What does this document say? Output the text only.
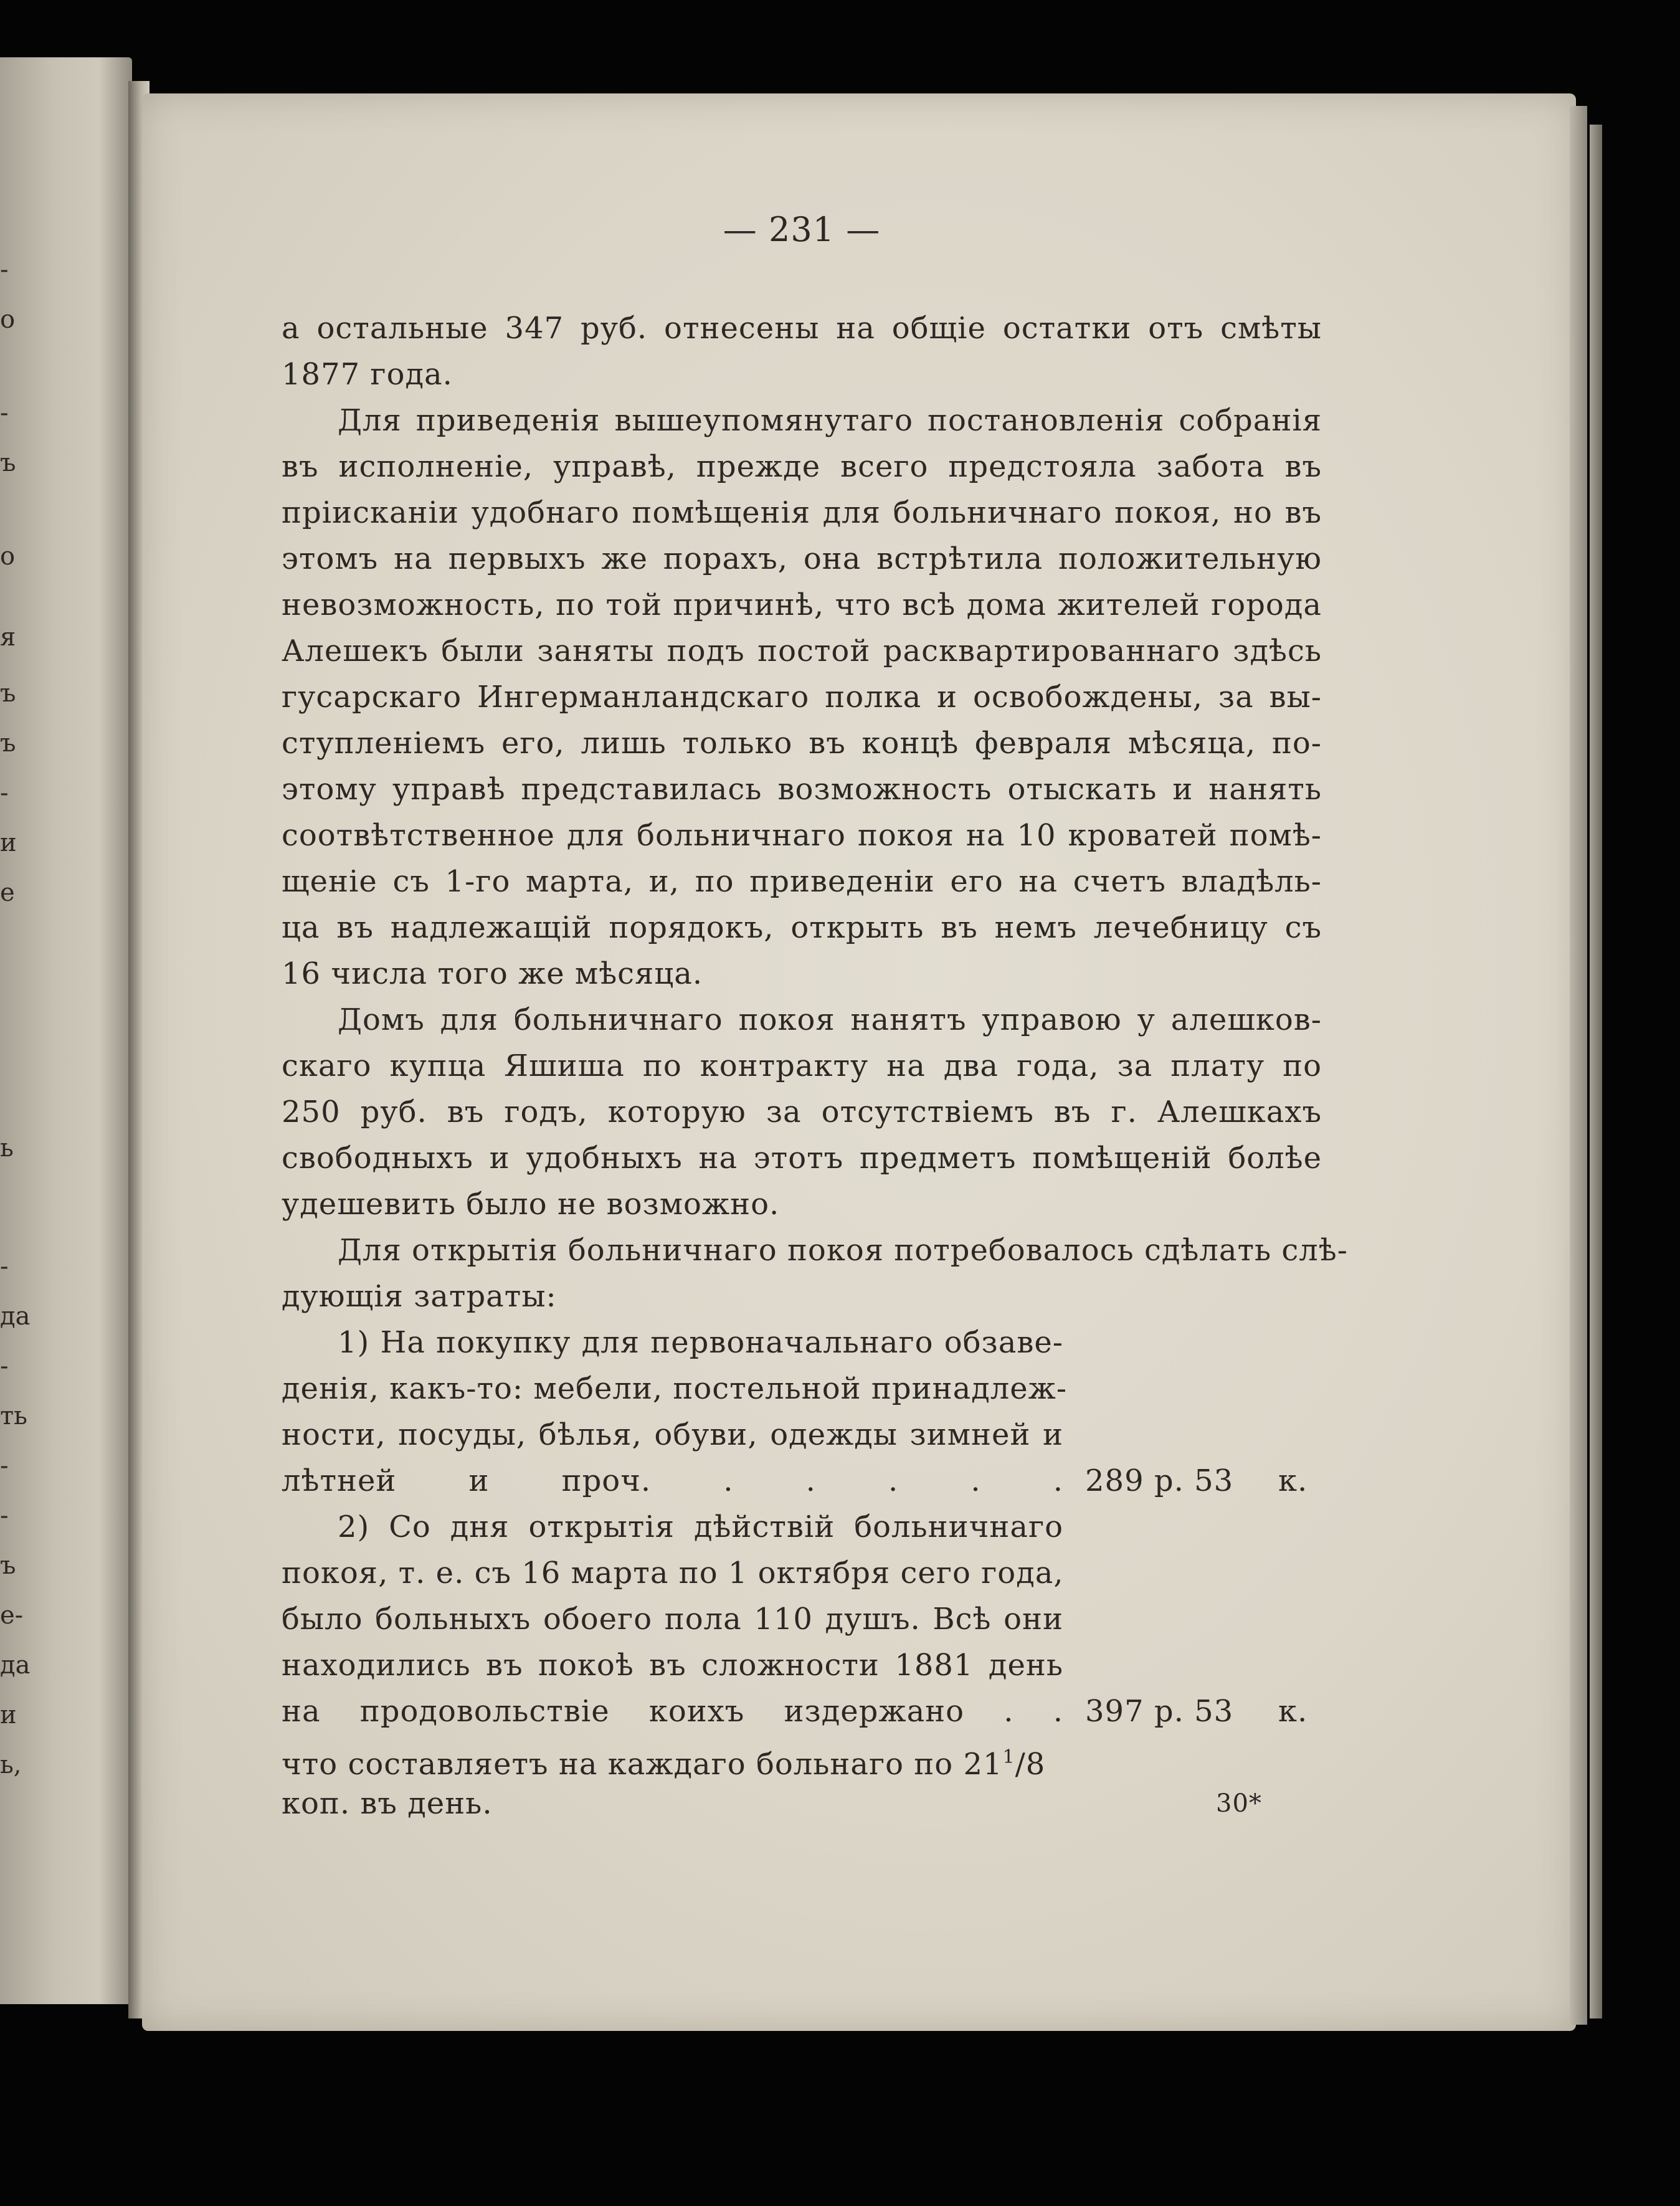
-
о
-
ъ
о
я
ъ
ъ
-
и
е
ь
-
да
-
ть
-
-
ъ
е-
да
и
ь,
— 231 —
а остальные 347 руб. отнесены на общіе остатки отъ смѣты
1877 года.
Для приведенія вышеупомянутаго постановленія собранія
въ исполненіе, управѣ, прежде всего предстояла забота въ
пріисканіи удобнаго помѣщенія для больничнаго покоя, но въ
этомъ на первыхъ же порахъ, она встрѣтила положительную
невозможность, по той причинѣ, что всѣ дома жителей города
Алешекъ были заняты подъ постой расквартированнаго здѣсь
гусарскаго Ингерманландскаго полка и освобождены, за вы-
ступленіемъ его, лишь только въ концѣ февраля мѣсяца, по-
этому управѣ представилась возможность отыскать и нанять
соотвѣтственное для больничнаго покоя на 10 кроватей помѣ-
щеніе съ 1-го марта, и, по приведеніи его на счетъ владѣль-
ца въ надлежащій порядокъ, открыть въ немъ лечебницу съ
16 числа того же мѣсяца.
Домъ для больничнаго покоя нанятъ управою у алешков-
скаго купца Яшиша по контракту на два года, за плату по
250 руб. въ годъ, которую за отсутствіемъ въ г. Алешкахъ
свободныхъ и удобныхъ на этотъ предметъ помѣщеній болѣе
удешевить было не возможно.
Для открытія больничнаго покоя потребовалось сдѣлать слѣ-
дующія затраты:
1) На покупку для первоначальнаго обзаве-
денія, какъ-то: мебели, постельной принадлеж-
ности, посуды, бѣлья, обуви, одежды зимней и
лѣтней и проч. . . . . . 289 р. 53 к.
2) Со дня открытія дѣйствій больничнаго
покоя, т. е. съ 16 марта по 1 октября сего года,
было больныхъ обоего пола 110 душъ. Всѣ они
находились въ покоѣ въ сложности 1881 день
на продовольствіе коихъ издержано . . 397 р. 53 к.
что составляетъ на каждаго больнаго по $21^1/8$
коп. въ день.	30*
